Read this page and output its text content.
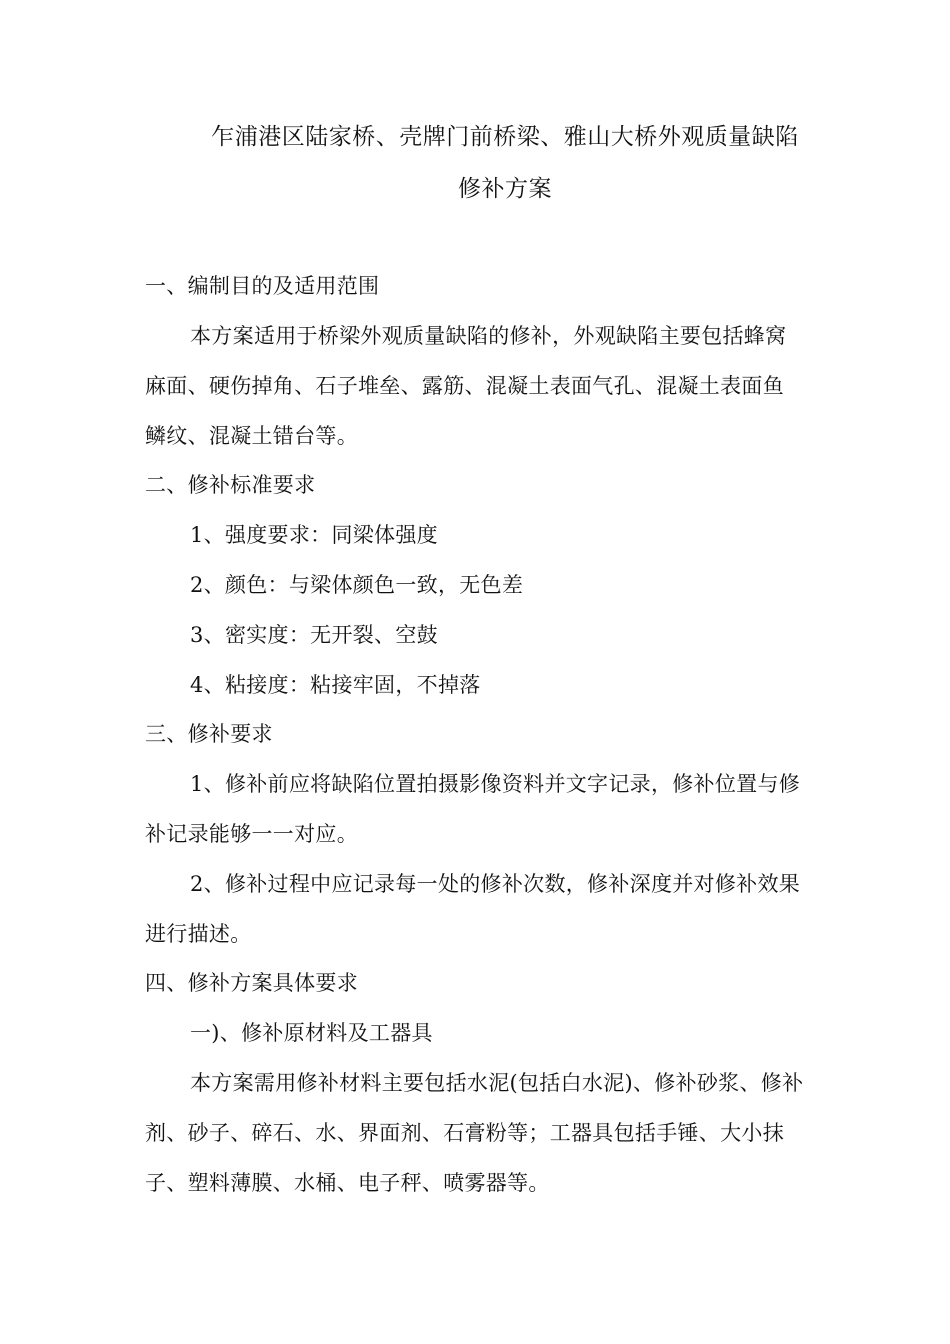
乍浦港区陆家桥、壳牌门前桥梁、雅山大桥外观质量缺陷
修补方案
一、编制目的及适用范围
本方案适用于桥梁外观质量缺陷的修补，外观缺陷主要包括蜂窝
麻面、硬伤掉角、石子堆垒、露筋、混凝土表面气孔、混凝土表面鱼
鳞纹、混凝土错台等。
二、修补标准要求
1、强度要求：同梁体强度
2、颜色：与梁体颜色一致，无色差
3、密实度：无开裂、空鼓
4、粘接度：粘接牢固，不掉落
三、修补要求
1、修补前应将缺陷位置拍摄影像资料并文字记录，修补位置与修
补记录能够一一对应。
2、修补过程中应记录每一处的修补次数，修补深度并对修补效果
进行描述。
四、修补方案具体要求
一)、修补原材料及工器具
本方案需用修补材料主要包括水泥(包括白水泥)、修补砂浆、修补
剂、砂子、碎石、水、界面剂、石膏粉等；工器具包括手锤、大小抹
子、塑料薄膜、水桶、电子秤、喷雾器等。
